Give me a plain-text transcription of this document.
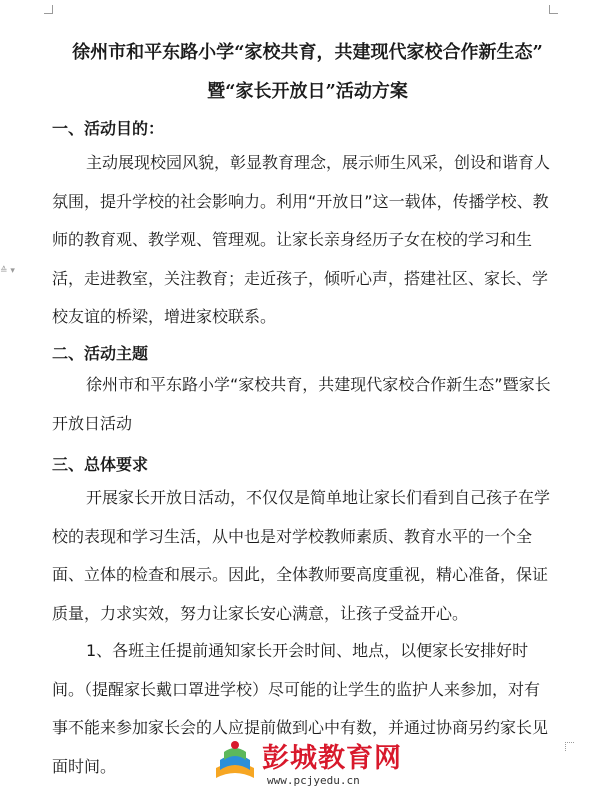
≙ ▾
徐州市和平东路小学“家校共育，共建现代家校合作新生态”
暨“家长开放日”活动方案
一、活动目的：

主动展现校园风貌，彰显教育理念，展示师生风采，创设和谐育人氛围，提升学校的社会影响力。利用“开放日”这一载体，传播学校、教师的教育观、教学观、管理观。让家长亲身经历子女在校的学习和生活，走进教室，关注教育；走近孩子，倾听心声，搭建社区、家长、学校友谊的桥梁，增进家校联系。

二、活动主题

徐州市和平东路小学“家校共育，共建现代家校合作新生态”暨家长开放日活动

三、总体要求

开展家长开放日活动，不仅仅是简单地让家长们看到自己孩子在学校的表现和学习生活，从中也是对学校教师素质、教育水平的一个全面、立体的检查和展示。因此，全体教师要高度重视，精心准备，保证质量，力求实效，努力让家长安心满意，让孩子受益开心。

1、各班主任提前通知家长开会时间、地点，以便家长安排好时间。（提醒家长戴口罩进学校）尽可能的让学生的监护人来参加，对有事不能来参加家长会的人应提前做到心中有数，并通过协商另约家长见面时间。	彭城教育网
www.pcjyedu.cn
